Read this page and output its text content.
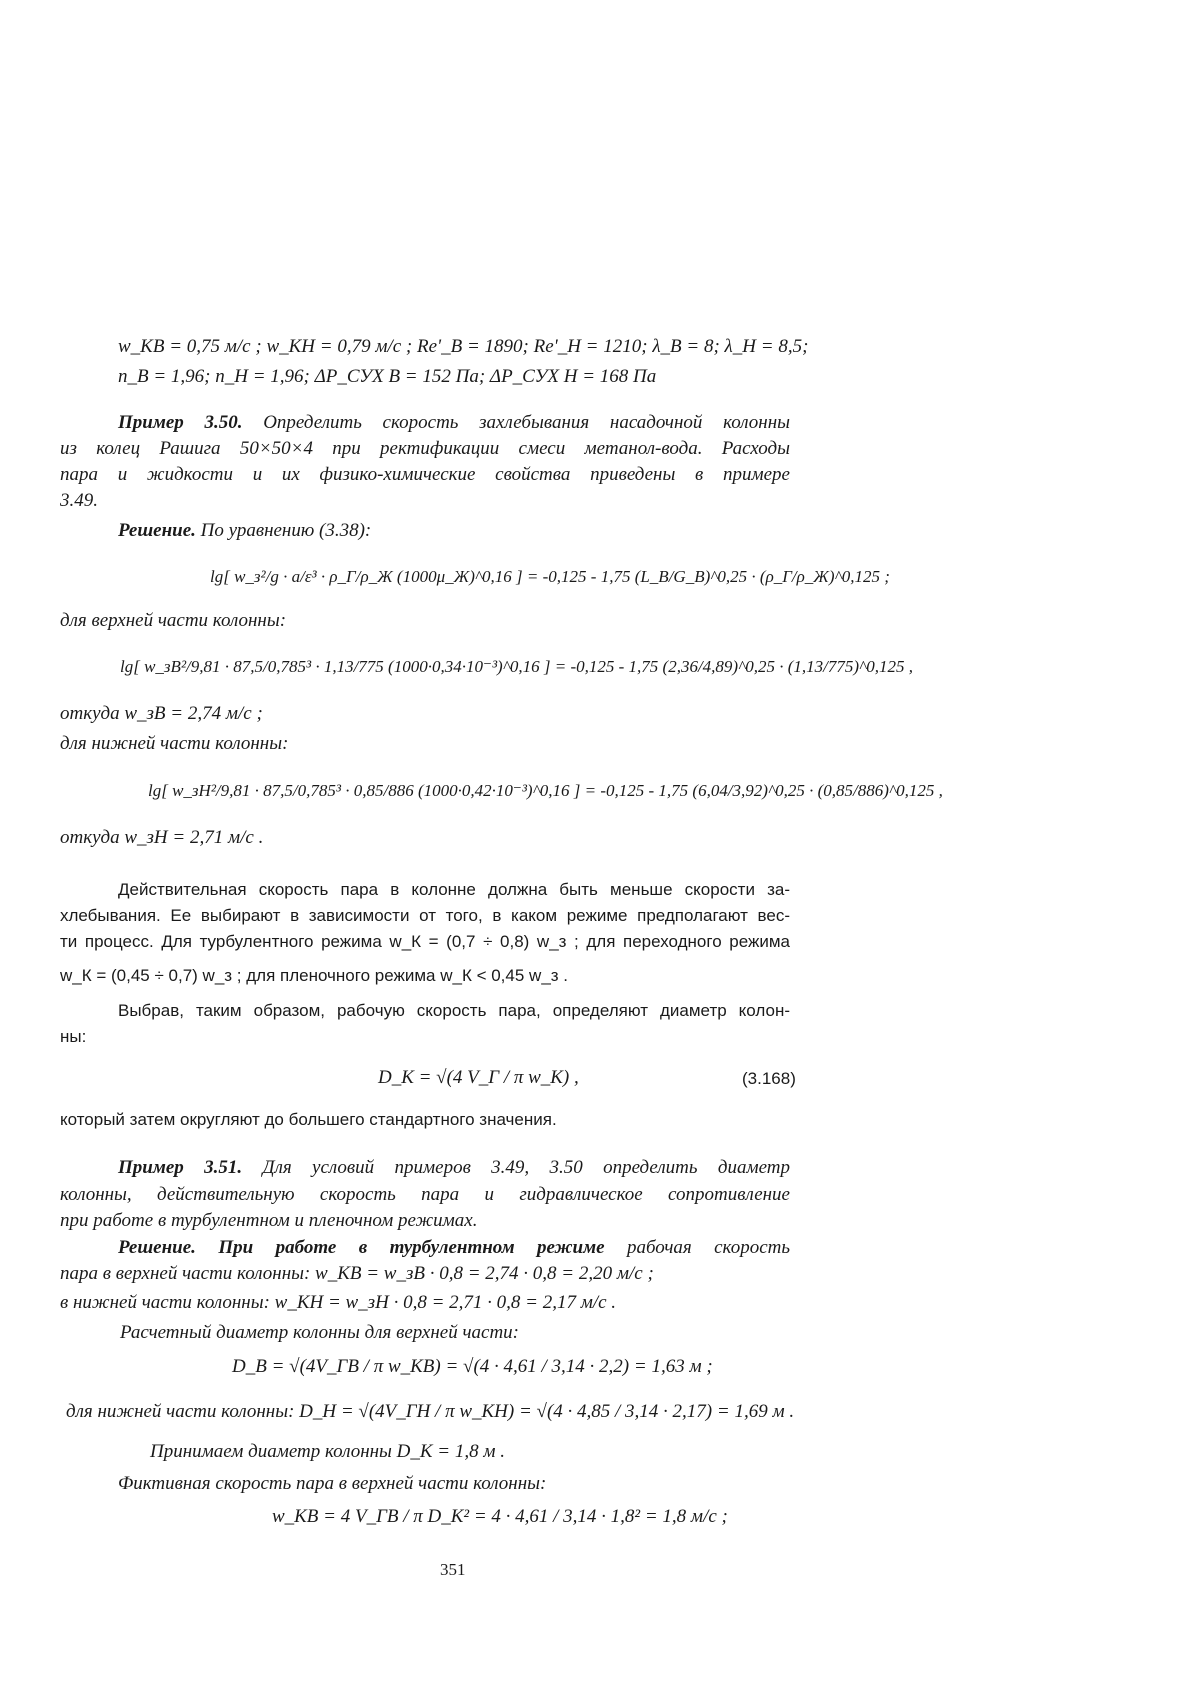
w_KB = 0,75 м/с ; w_KH = 0,79 м/с ; Re'_B = 1890; Re'_H = 1210; λ_B = 8; λ_H = 8,5;
n_B = 1,96; n_H = 1,96; ΔP_СУХ B = 152 Па; ΔP_СУХ Н = 168 Па
Пример 3.50. Определить скорость захлебывания насадочной колонны
из колец Рашига 50×50×4 при ректификации смеси метанол-вода. Расходы
пара и жидкости и их физико-химические свойства приведены в примере
3.49.
Решение. По уравнению (3.38):
lg[ w_з²/g · a/ε³ · ρ_Г/ρ_Ж (1000μ_Ж)^0,16 ] = -0,125 - 1,75 (L_В/G_В)^0,25 · (ρ_Г/ρ_Ж)^0,125 ;
для верхней части колонны:
lg[ w_зВ²/9,81 · 87,5/0,785³ · 1,13/775 (1000·0,34·10⁻³)^0,16 ] = -0,125 - 1,75 (2,36/4,89)^0,25 · (1,13/775)^0,125 ,
откуда w_зВ = 2,74 м/с ;
для нижней части колонны:
lg[ w_зН²/9,81 · 87,5/0,785³ · 0,85/886 (1000·0,42·10⁻³)^0,16 ] = -0,125 - 1,75 (6,04/3,92)^0,25 · (0,85/886)^0,125 ,
откуда w_зН = 2,71 м/с .
Действительная скорость пара в колонне должна быть меньше скорости за-
хлебывания. Ее выбирают в зависимости от того, в каком режиме предполагают вес-
ти процесс. Для турбулентного режима w_К = (0,7 ÷ 0,8) w_з ; для переходного режима
w_К = (0,45 ÷ 0,7) w_з ; для пленочного режима w_К < 0,45 w_з .
Выбрав, таким образом, рабочую скорость пара, определяют диаметр колон-
ны:
D_К = √(4 V_Г / π w_К) ,	(3.168)
который затем округляют до большего стандартного значения.
Пример 3.51. Для условий примеров 3.49, 3.50 определить диаметр
колонны, действительную скорость пара и гидравлическое сопротивление
при работе в турбулентном и пленочном режимах.
Решение. При работе в турбулентном режиме рабочая скорость
пара в верхней части колонны: w_КВ = w_зВ · 0,8 = 2,74 · 0,8 = 2,20 м/с ;
в нижней части колонны: w_КН = w_зН · 0,8 = 2,71 · 0,8 = 2,17 м/с .
Расчетный диаметр колонны для верхней части:
D_В = √(4V_ГВ / π w_КВ) = √(4 · 4,61 / 3,14 · 2,2) = 1,63 м ;
для нижней части колонны: D_Н = √(4V_ГН / π w_КН) = √(4 · 4,85 / 3,14 · 2,17) = 1,69 м .
Принимаем диаметр колонны D_К = 1,8 м .
Фиктивная скорость пара в верхней части колонны:
w_КВ = 4 V_ГВ / π D_К² = 4 · 4,61 / 3,14 · 1,8² = 1,8 м/с ;
351
